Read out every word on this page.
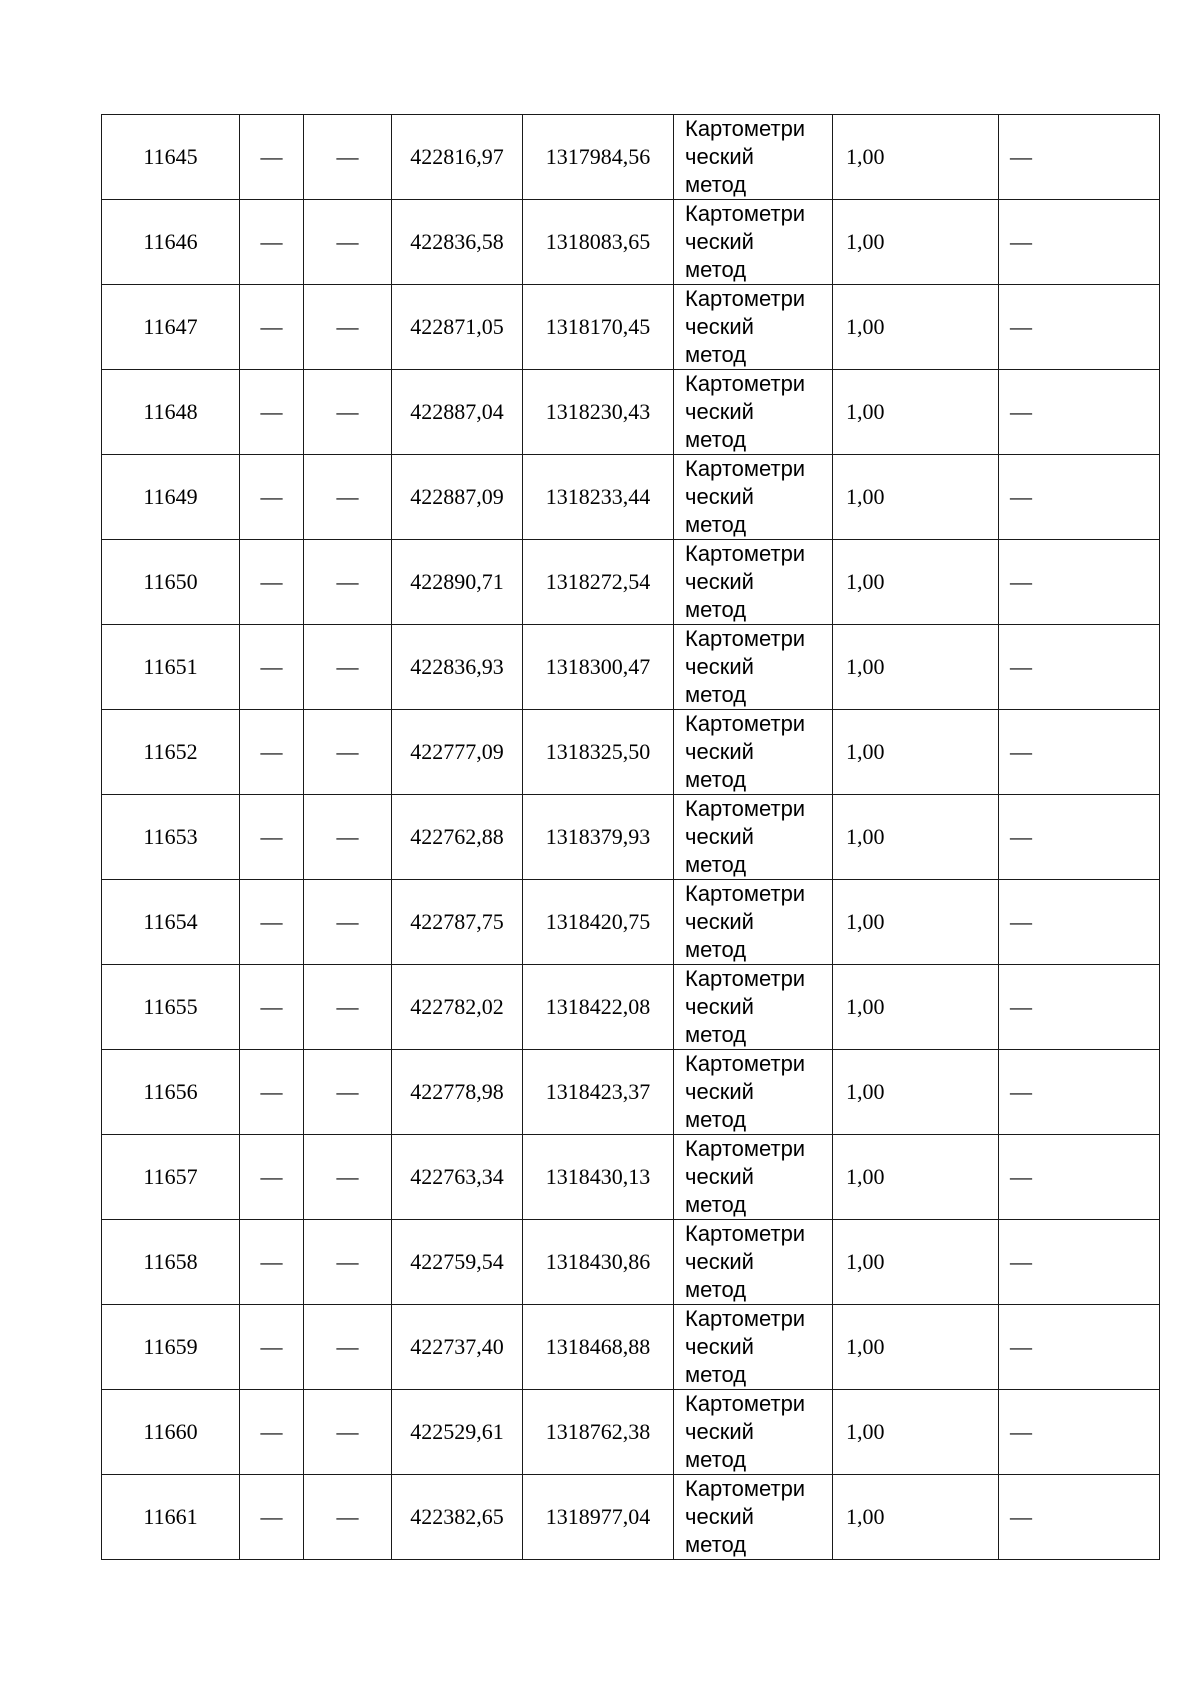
11645	—	—	422816,97	1317984,56	Картометри
ческий
метод	1,00	—
11646	—	—	422836,58	1318083,65	Картометри
ческий
метод	1,00	—
11647	—	—	422871,05	1318170,45	Картометри
ческий
метод	1,00	—
11648	—	—	422887,04	1318230,43	Картометри
ческий
метод	1,00	—
11649	—	—	422887,09	1318233,44	Картометри
ческий
метод	1,00	—
11650	—	—	422890,71	1318272,54	Картометри
ческий
метод	1,00	—
11651	—	—	422836,93	1318300,47	Картометри
ческий
метод	1,00	—
11652	—	—	422777,09	1318325,50	Картометри
ческий
метод	1,00	—
11653	—	—	422762,88	1318379,93	Картометри
ческий
метод	1,00	—
11654	—	—	422787,75	1318420,75	Картометри
ческий
метод	1,00	—
11655	—	—	422782,02	1318422,08	Картометри
ческий
метод	1,00	—
11656	—	—	422778,98	1318423,37	Картометри
ческий
метод	1,00	—
11657	—	—	422763,34	1318430,13	Картометри
ческий
метод	1,00	—
11658	—	—	422759,54	1318430,86	Картометри
ческий
метод	1,00	—
11659	—	—	422737,40	1318468,88	Картометри
ческий
метод	1,00	—
11660	—	—	422529,61	1318762,38	Картометри
ческий
метод	1,00	—
11661	—	—	422382,65	1318977,04	Картометри
ческий
метод	1,00	—
